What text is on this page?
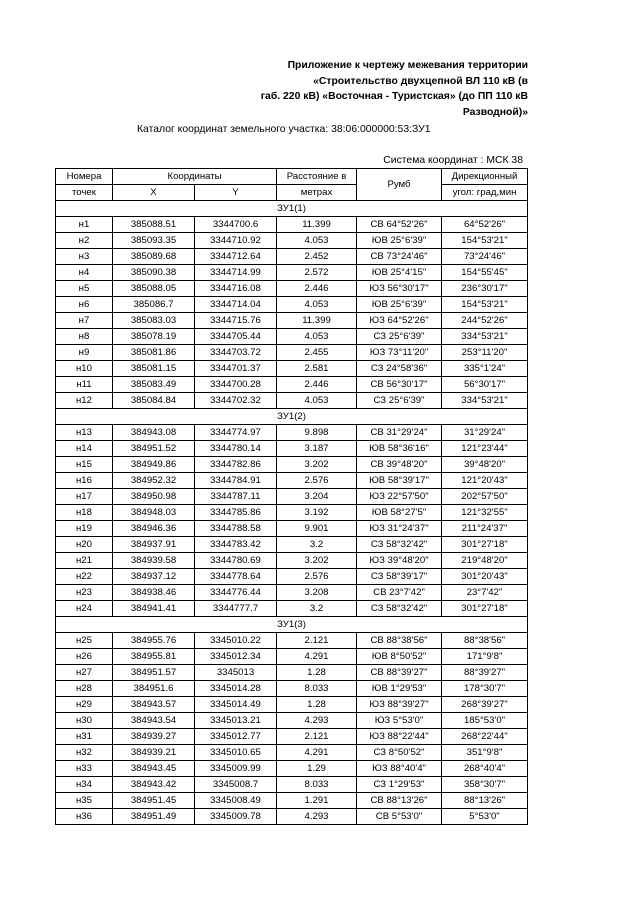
Приложение к чертежу межевания территории
«Строительство двухцепной ВЛ 110 кВ (в
габ. 220 кВ) «Восточная - Туристская» (до ПП 110 кВ
Разводной)»
Каталог координат земельного участка: 38:06:000000:53:ЗУ1
Система координат : МСК 38
Номера	Координаты		Расстояние в	Румб	Дирекционный
точек	X	Y	метрах		угол: град,мин
ЗУ1(1)					
н1	385088.51	3344700.6	11.399	СВ 64°52'26"	64°52'26"
н2	385093.35	3344710.92	4.053	ЮВ 25°6'39"	154°53'21"
н3	385089.68	3344712.64	2.452	СВ 73°24'46"	73°24'46"
н4	385090.38	3344714.99	2.572	ЮВ 25°4'15"	154°55'45"
н5	385088.05	3344716.08	2.446	ЮЗ 56°30'17"	236°30'17"
н6	385086.7	3344714.04	4.053	ЮВ 25°6'39"	154°53'21"
н7	385083.03	3344715.76	11.399	ЮЗ 64°52'26"	244°52'26"
н8	385078.19	3344705.44	4.053	СЗ 25°6'39"	334°53'21"
н9	385081.86	3344703.72	2.455	ЮЗ 73°11'20"	253°11'20"
н10	385081.15	3344701.37	2.581	СЗ 24°58'36"	335°1'24"
н11	385083.49	3344700.28	2.446	СВ 56°30'17"	56°30'17"
н12	385084.84	3344702.32	4.053	СЗ 25°6'39"	334°53'21"
ЗУ1(2)					
н13	384943.08	3344774.97	9.898	СВ 31°29'24"	31°29'24"
н14	384951.52	3344780.14	3.187	ЮВ 58°36'16"	121°23'44"
н15	384949.86	3344782.86	3.202	СВ 39°48'20"	39°48'20"
н16	384952.32	3344784.91	2.576	ЮВ 58°39'17"	121°20'43"
н17	384950.98	3344787.11	3.204	ЮЗ 22°57'50"	202°57'50"
н18	384948.03	3344785.86	3.192	ЮВ 58°27'5"	121°32'55"
н19	384946.36	3344788.58	9.901	ЮЗ 31°24'37"	211°24'37"
н20	384937.91	3344783.42	3.2	СЗ 58°32'42"	301°27'18"
н21	384939.58	3344780.69	3.202	ЮЗ 39°48'20"	219°48'20"
н22	384937.12	3344778.64	2.576	СЗ 58°39'17"	301°20'43"
н23	384938.46	3344776.44	3.208	СВ 23°7'42"	23°7'42"
н24	384941.41	3344777.7	3.2	СЗ 58°32'42"	301°27'18"
ЗУ1(3)					
н25	384955.76	3345010.22	2.121	СВ 88°38'56"	88°38'56"
н26	384955.81	3345012.34	4.291	ЮВ 8°50'52"	171°9'8"
н27	384951.57	3345013	1.28	СВ 88°39'27"	88°39'27"
н28	384951.6	3345014.28	8.033	ЮВ 1°29'53"	178°30'7"
н29	384943.57	3345014.49	1.28	ЮЗ 88°39'27"	268°39'27"
н30	384943.54	3345013.21	4.293	ЮЗ 5°53'0"	185°53'0"
н31	384939.27	3345012.77	2.121	ЮЗ 88°22'44"	268°22'44"
н32	384939.21	3345010.65	4.291	СЗ 8°50'52"	351°9'8"
н33	384943.45	3345009.99	1.29	ЮЗ 88°40'4"	268°40'4"
н34	384943.42	3345008.7	8.033	СЗ 1°29'53"	358°30'7"
н35	384951.45	3345008.49	1.291	СВ 88°13'26"	88°13'26"
н36	384951.49	3345009.78	4.293	СВ 5°53'0"	5°53'0"
